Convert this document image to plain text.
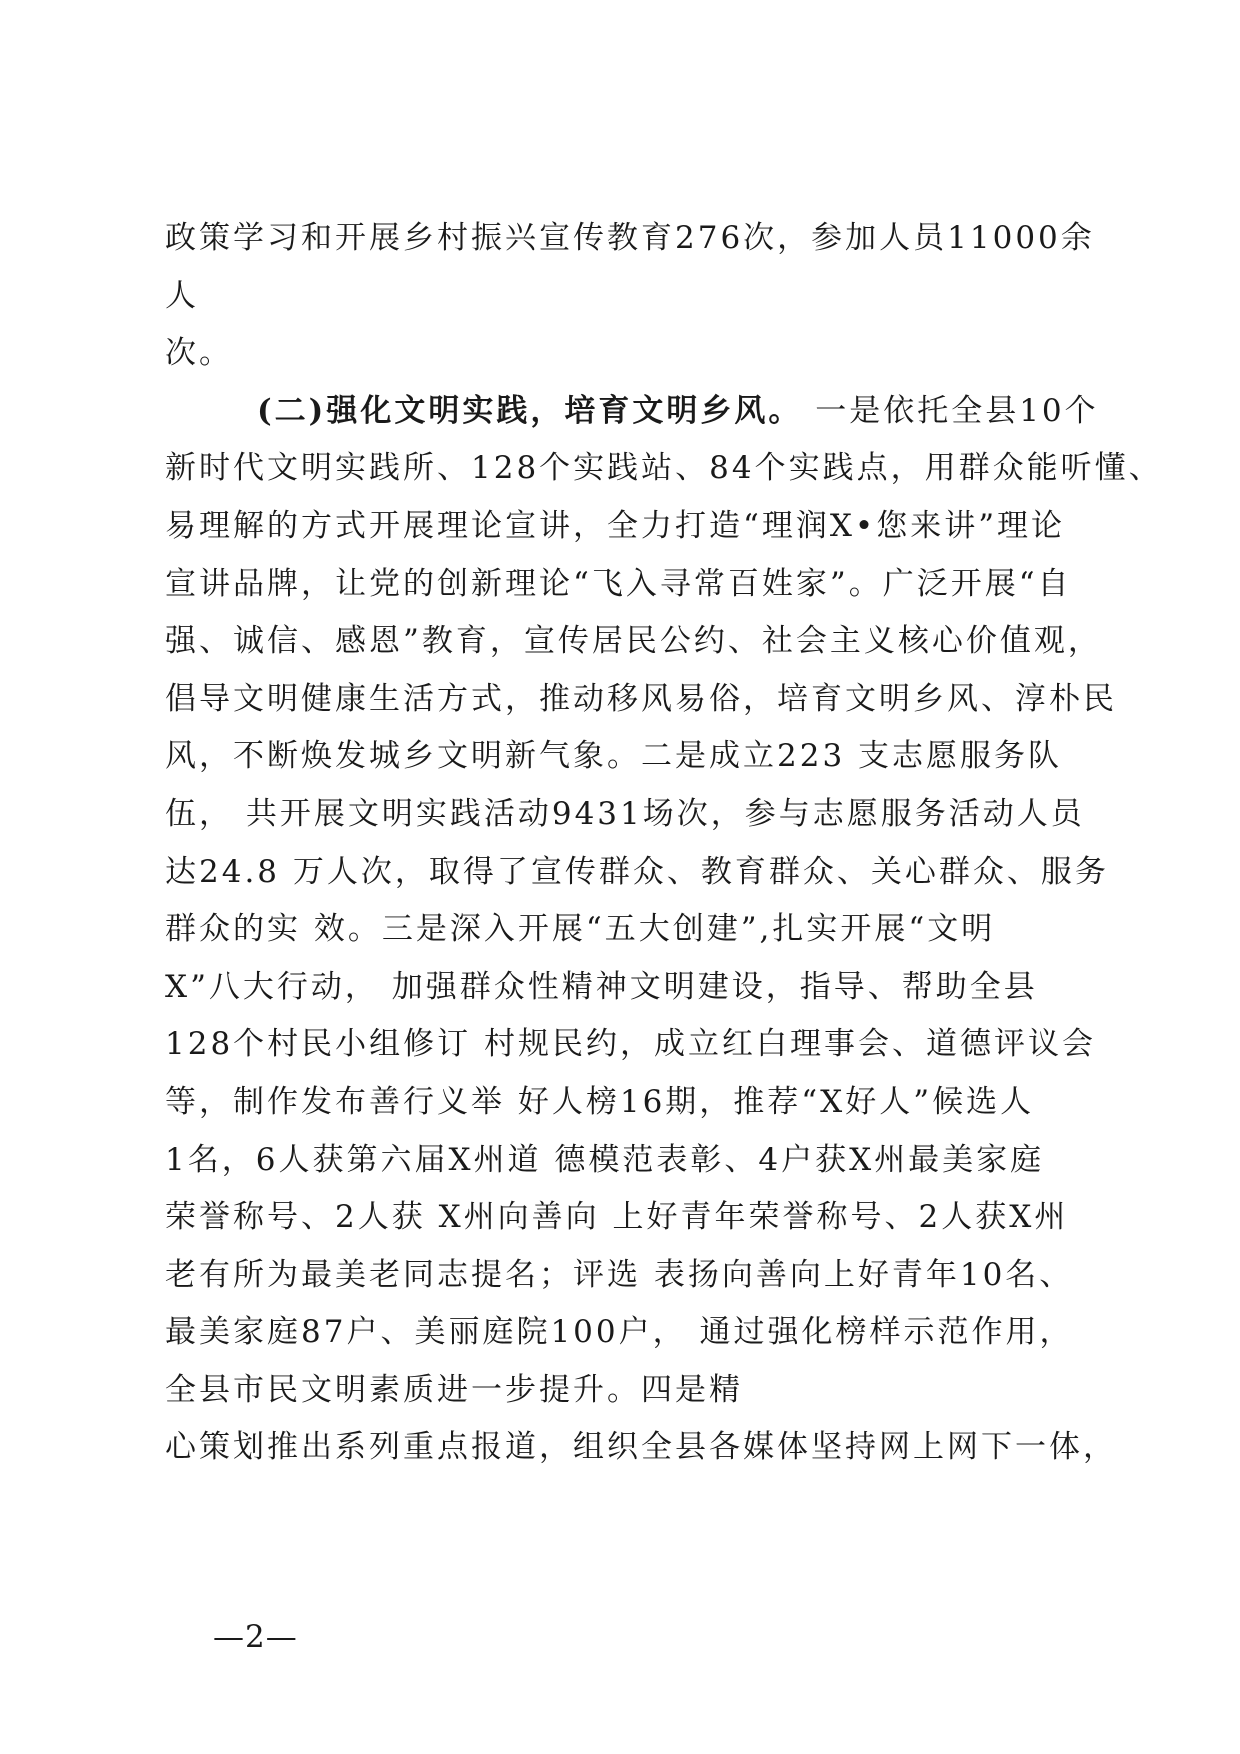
政策学习和开展乡村振兴宣传教育276次，参加人员11000余
人
次。
(二)强化文明实践，培育文明乡风。 一是依托全县10个
新时代文明实践所、128个实践站、84个实践点，用群众能听懂、
易理解的方式开展理论宣讲，全力打造“理润X•您来讲”理论
宣讲品牌，让党的创新理论“飞入寻常百姓家”。广泛开展“自
强、诚信、感恩”教育，宣传居民公约、社会主义核心价值观，
倡导文明健康生活方式，推动移风易俗，培育文明乡风、淳朴民
风，不断焕发城乡文明新气象。二是成立223 支志愿服务队
伍， 共开展文明实践活动9431场次，参与志愿服务活动人员
达24.8 万人次，取得了宣传群众、教育群众、关心群众、服务
群众的实 效。三是深入开展“五大创建”,扎实开展“文明
X”八大行动， 加强群众性精神文明建设，指导、帮助全县
128个村民小组修订 村规民约，成立红白理事会、道德评议会
等，制作发布善行义举 好人榜16期，推荐“X好人”候选人
1名，6人获第六届X州道 德模范表彰、4户获X州最美家庭
荣誉称号、2人获 X州向善向 上好青年荣誉称号、2人获X州
老有所为最美老同志提名；评选 表扬向善向上好青年10名、
最美家庭87户、美丽庭院100户， 通过强化榜样示范作用，
全县市民文明素质进一步提升。四是精
心策划推出系列重点报道，组织全县各媒体坚持网上网下一体，
—2—
